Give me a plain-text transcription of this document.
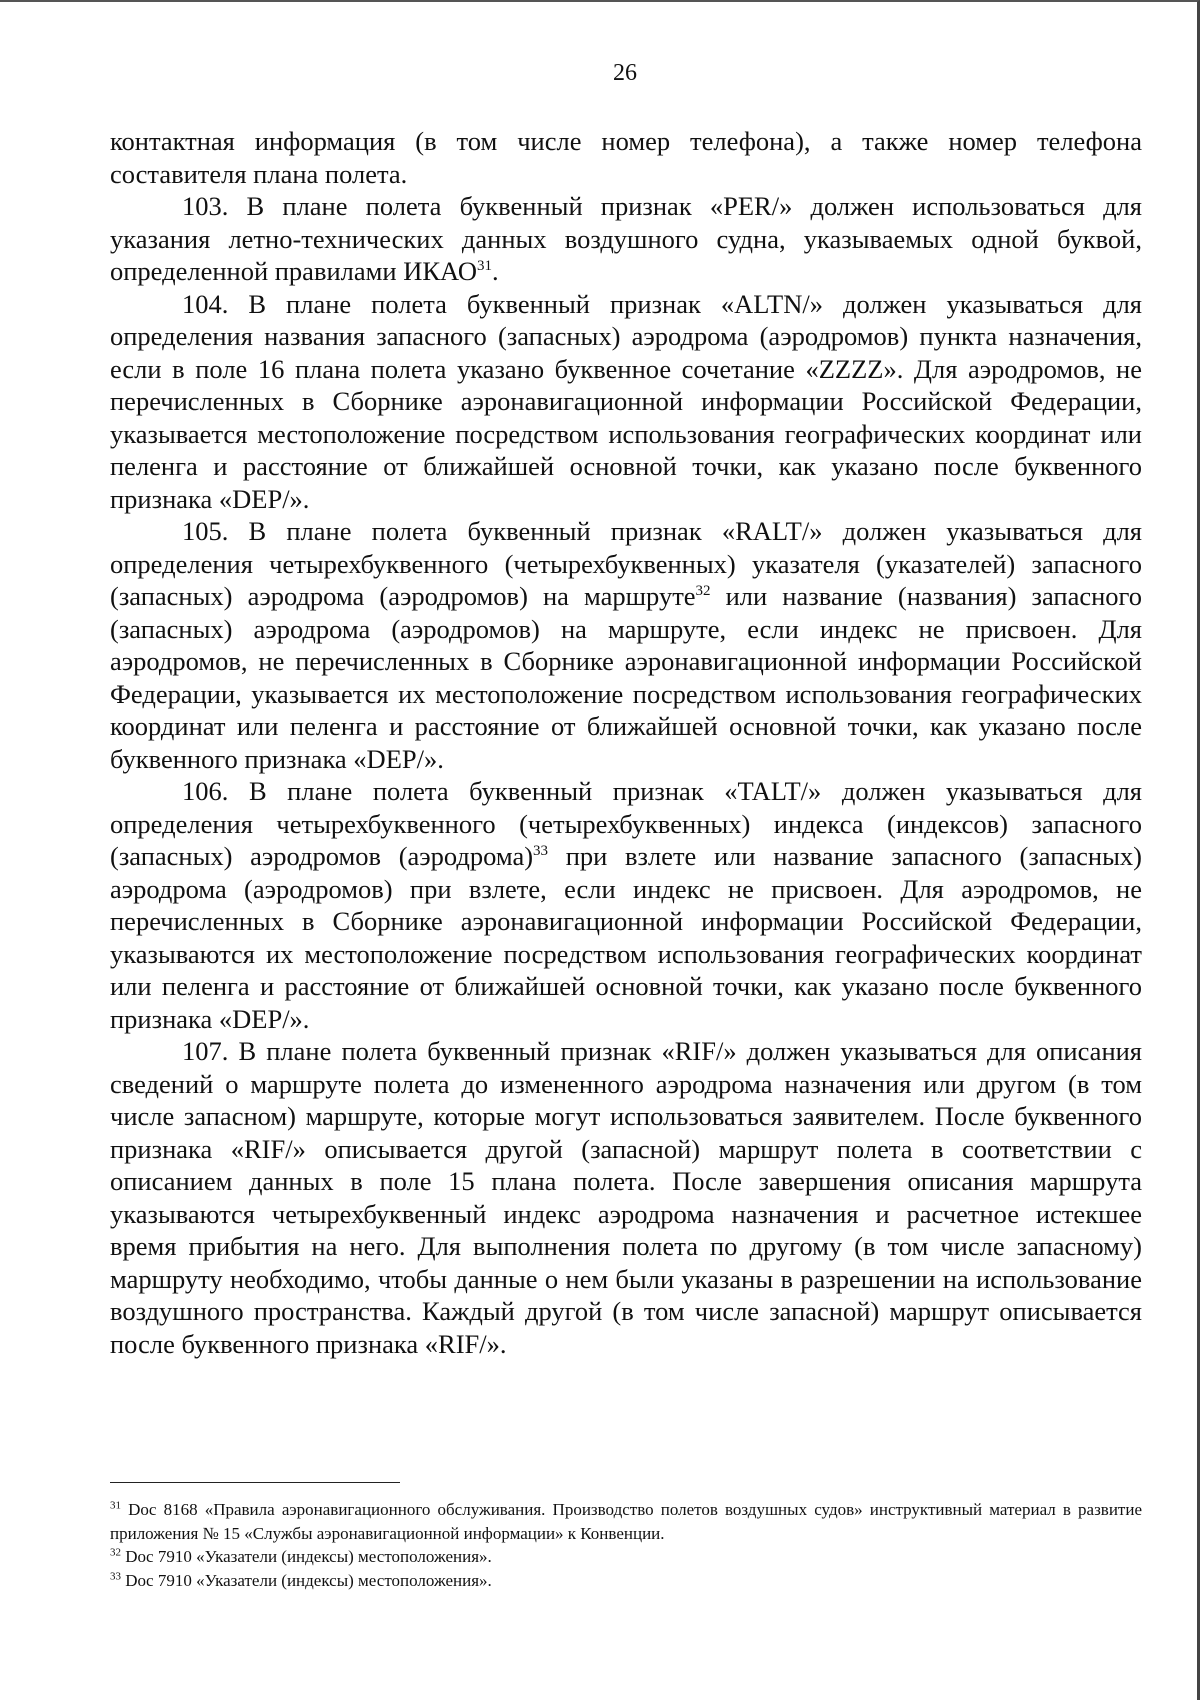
26

контактная информация (в том числе номер телефона), а также номер телефона составителя плана полета.

103. В плане полета буквенный признак «PER/» должен использоваться для указания летно-технических данных воздушного судна, указываемых одной буквой, определенной правилами ИКАО$^{31}$.

104. В плане полета буквенный признак «ALTN/» должен указываться для определения названия запасного (запасных) аэродрома (аэродромов) пункта назначения, если в поле 16 плана полета указано буквенное сочетание «ZZZZ». Для аэродромов, не перечисленных в Сборнике аэронавигационной информации Российской Федерации, указывается местоположение посредством использования географических координат или пеленга и расстояние от ближайшей основной точки, как указано после буквенного признака «DEP/».

105. В плане полета буквенный признак «RALT/» должен указываться для определения четырехбуквенного (четырехбуквенных) указателя (указателей) запасного (запасных) аэродрома (аэродромов) на маршруте$^{32}$ или название (названия) запасного (запасных) аэродрома (аэродромов) на маршруте, если индекс не присвоен. Для аэродромов, не перечисленных в Сборнике аэронавигационной информации Российской Федерации, указывается их местоположение посредством использования географических координат или пеленга и расстояние от ближайшей основной точки, как указано после буквенного признака «DEP/».

106. В плане полета буквенный признак «TALT/» должен указываться для определения четырехбуквенного (четырехбуквенных) индекса (индексов) запасного (запасных) аэродромов (аэродрома)$^{33}$ при взлете или название запасного (запасных) аэродрома (аэродромов) при взлете, если индекс не присвоен. Для аэродромов, не перечисленных в Сборнике аэронавигационной информации Российской Федерации, указываются их местоположение посредством использования географических координат или пеленга и расстояние от ближайшей основной точки, как указано после буквенного признака «DEP/».

107. В плане полета буквенный признак «RIF/» должен указываться для описания сведений о маршруте полета до измененного аэродрома назначения или другом (в том числе запасном) маршруте, которые могут использоваться заявителем. После буквенного признака «RIF/» описывается другой (запасной) маршрут полета в соответствии с описанием данных в поле 15 плана полета. После завершения описания маршрута указываются четырехбуквенный индекс аэродрома назначения и расчетное истекшее время прибытия на него. Для выполнения полета по другому (в том числе запасному) маршруту необходимо, чтобы данные о нем были указаны в разрешении на использование воздушного пространства. Каждый другой (в том числе запасной) маршрут описывается после буквенного признака «RIF/».

$^{31}$ Doc 8168 «Правила аэронавигационного обслуживания. Производство полетов воздушных судов» инструктивный материал в развитие приложения № 15 «Службы аэронавигационной информации» к Конвенции.

$^{32}$ Doc 7910 «Указатели (индексы) местоположения».

$^{33}$ Doc 7910 «Указатели (индексы) местоположения».
